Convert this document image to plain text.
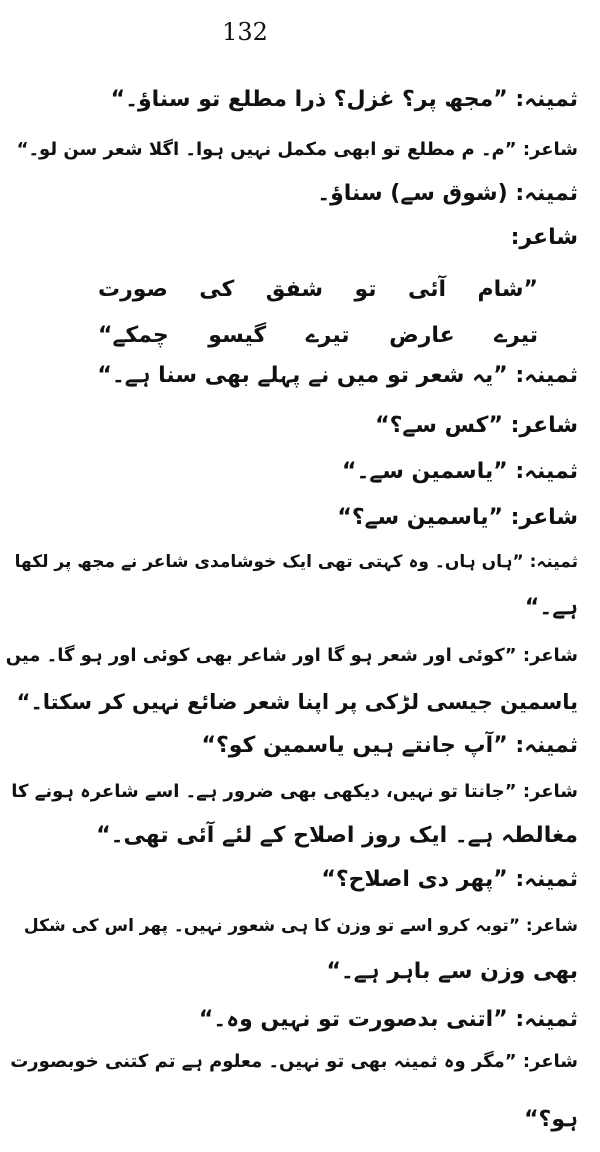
132
ثمینہ: ”مجھ پر؟ غزل؟ ذرا مطلع تو سناؤ۔“
شاعر: ”م۔ م مطلع تو ابھی مکمل نہیں ہوا۔ اگلا شعر سن لو۔“
ثمینہ: (شوق سے) سناؤ۔
شاعر:
”شام آئی تو شفق کی صورت
تیرے عارض تیرے گیسو چمکے“
ثمینہ: ”یہ شعر تو میں نے پہلے بھی سنا ہے۔“
شاعر: ”کس سے؟“
ثمینہ: ”یاسمین سے۔“
شاعر: ”یاسمین سے؟“
ثمینہ: ”ہاں ہاں۔ وہ کہتی تھی ایک خوشامدی شاعر نے مجھ پر لکھا
ہے۔“
شاعر: ”کوئی اور شعر ہو گا اور شاعر بھی کوئی اور ہو گا۔ میں
یاسمین جیسی لڑکی پر اپنا شعر ضائع نہیں کر سکتا۔“
ثمینہ: ”آپ جانتے ہیں یاسمین کو؟“
شاعر: ”جانتا تو نہیں، دیکھی بھی ضرور ہے۔ اسے شاعرہ ہونے کا
مغالطہ ہے۔ ایک روز اصلاح کے لئے آئی تھی۔“
ثمینہ: ”پھر دی اصلاح؟“
شاعر: ”توبہ کرو اسے تو وزن کا ہی شعور نہیں۔ پھر اس کی شکل
بھی وزن سے باہر ہے۔“
ثمینہ: ”اتنی بدصورت تو نہیں وہ۔“
شاعر: ”مگر وہ ثمینہ بھی تو نہیں۔ معلوم ہے تم کتنی خوبصورت
ہو؟“
